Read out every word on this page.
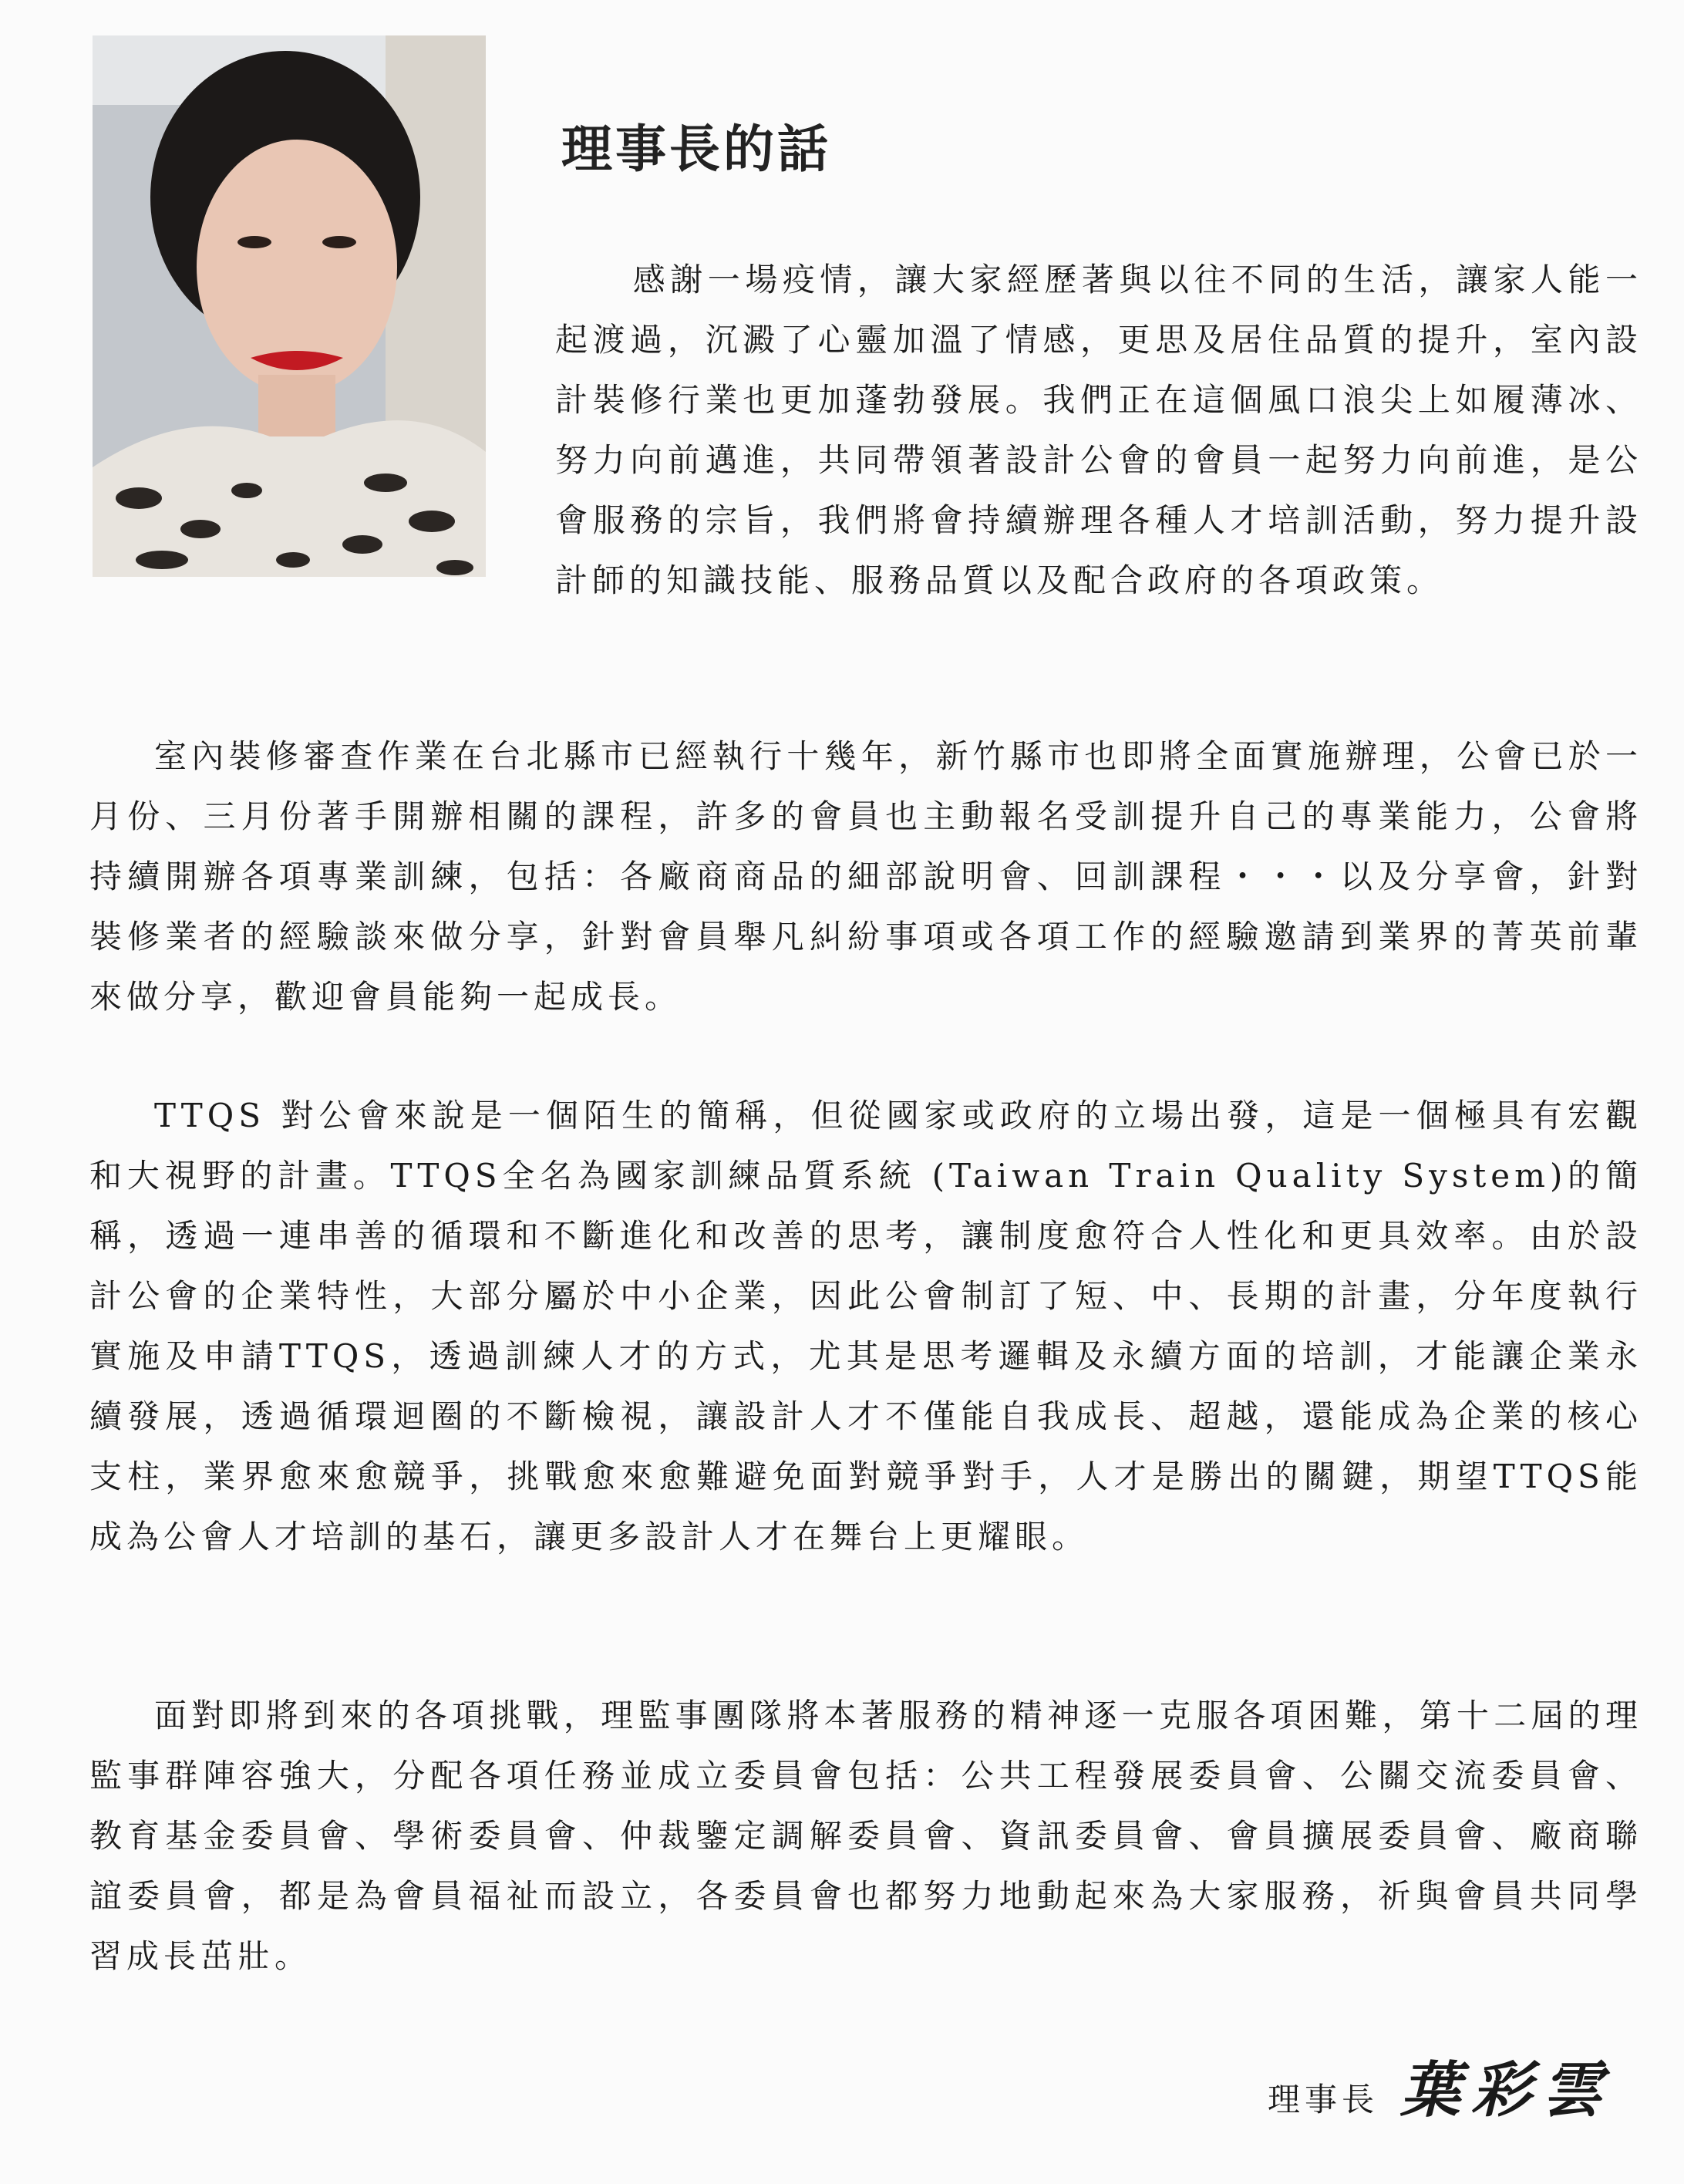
理事長的話

感謝一場疫情，讓大家經歷著與以往不同的生活，讓家人能一起渡過，沉澱了心靈加溫了情感，更思及居住品質的提升，室內設計裝修行業也更加蓬勃發展。我們正在這個風口浪尖上如履薄冰、努力向前邁進，共同帶領著設計公會的會員一起努力向前進，是公會服務的宗旨，我們將會持續辦理各種人才培訓活動，努力提升設計師的知識技能、服務品質以及配合政府的各項政策。

室內裝修審查作業在台北縣市已經執行十幾年，新竹縣市也即將全面實施辦理，公會已於一月份、三月份著手開辦相關的課程，許多的會員也主動報名受訓提升自己的專業能力，公會將持續開辦各項專業訓練，包括：各廠商商品的細部說明會、回訓課程・・・以及分享會，針對裝修業者的經驗談來做分享，針對會員舉凡糾紛事項或各項工作的經驗邀請到業界的菁英前輩來做分享，歡迎會員能夠一起成長。

TTQS 對公會來說是一個陌生的簡稱，但從國家或政府的立場出發，這是一個極具有宏觀和大視野的計畫。TTQS全名為國家訓練品質系統 (Taiwan Train Quality System)的簡稱，透過一連串善的循環和不斷進化和改善的思考，讓制度愈符合人性化和更具效率。由於設計公會的企業特性，大部分屬於中小企業，因此公會制訂了短、中、長期的計畫，分年度執行實施及申請TTQS，透過訓練人才的方式，尤其是思考邏輯及永續方面的培訓，才能讓企業永續發展，透過循環迴圈的不斷檢視，讓設計人才不僅能自我成長、超越，還能成為企業的核心支柱，業界愈來愈競爭，挑戰愈來愈難避免面對競爭對手，人才是勝出的關鍵，期望TTQS能成為公會人才培訓的基石，讓更多設計人才在舞台上更耀眼。

面對即將到來的各項挑戰，理監事團隊將本著服務的精神逐一克服各項困難，第十二屆的理監事群陣容強大，分配各項任務並成立委員會包括：公共工程發展委員會、公關交流委員會、教育基金委員會、學術委員會、仲裁鑒定調解委員會、資訊委員會、會員擴展委員會、廠商聯誼委員會，都是為會員福祉而設立，各委員會也都努力地動起來為大家服務，祈與會員共同學習成長茁壯。

理事長 葉彩雲
